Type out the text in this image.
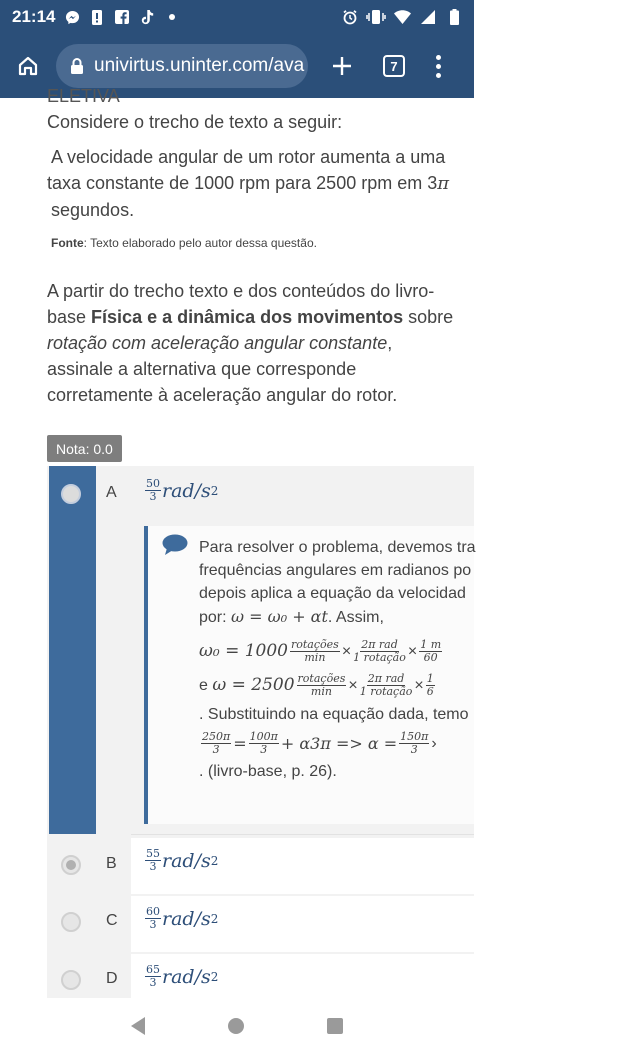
21:14
univirtus.uninter.com/ava	7
ELETIVA
Considere o trecho de texto a seguir:
A velocidade angular de um rotor aumenta a uma
taxa constante de 1000 rpm para 2500 rpm em 3π
segundos.
Fonte: Texto elaborado pelo autor dessa questão.
A partir do trecho texto e dos conteúdos do livro-base Física e a dinâmica dos movimentos sobre rotação com aceleração angular constante, assinale a alternativa que corresponde corretamente à aceleração angular do rotor.
Nota: 0.0
A	$\frac{50}{3} rad/s$ 2
Para resolver o problema, devemos tra
frequências angulares em radianos po
depois aplica a equação da velocidad
por: ω = ω₀ + αt. Assim,
$\omega_0 = 1000 \frac{\text{rotações}}{\min} \times \frac{\text{2π rad}}{\text{1 rotação}} \times \frac{1 m}{60}$
e
$\omega = 2500 \frac{\text{rotações}}{\min} \times \frac{\text{2π rad}}{\text{1 rotação}} \times \frac{1}{6}$
. Substituindo na equação dada, temo
$\frac{250\pi}{3} = \frac{100\pi}{3} + \alpha 3\pi => \alpha = \frac{150\pi}{3}$ ›
. (livro-base, p. 26).
B	$\frac{55}{3} rad/s$ 2
C $\frac{60}{3} rad/s$ 2
D $\frac{65}{3} rad/s$ 2
